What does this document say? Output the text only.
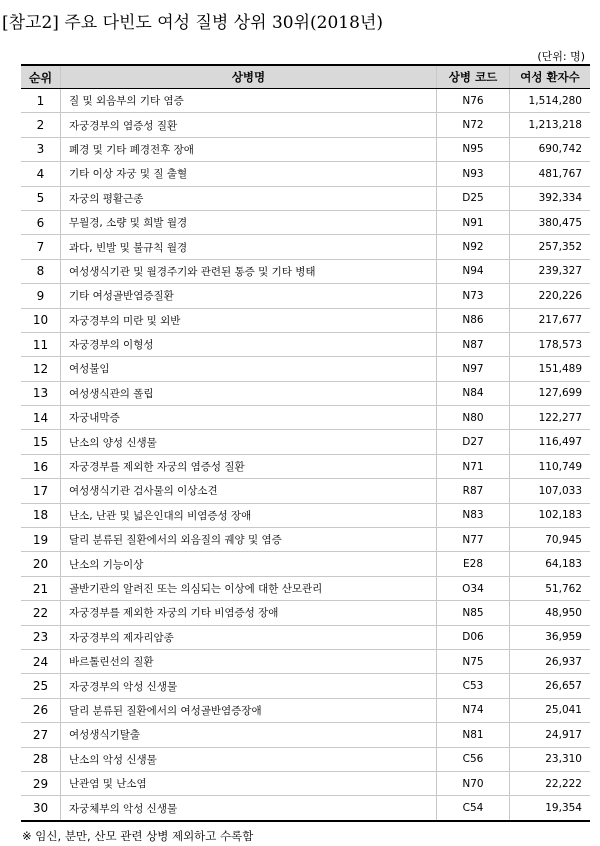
[참고2] 주요 다빈도 여성 질병 상위 30위(2018년)
(단위: 명)
순위	상병명	상병 코드	여성 환자수
1	질 및 외음부의 기타 염증	N76	1,514,280
2	자궁경부의 염증성 질환	N72	1,213,218
3	폐경 및 기타 폐경전후 장애	N95	690,742
4	기타 이상 자궁 및 질 출혈	N93	481,767
5	자궁의 평활근종	D25	392,334
6	무월경, 소량 및 희발 월경	N91	380,475
7	과다, 빈발 및 불규칙 월경	N92	257,352
8	여성생식기관 및 월경주기와 관련된 통증 및 기타 병태	N94	239,327
9	기타 여성골반염증질환	N73	220,226
10	자궁경부의 미란 및 외반	N86	217,677
11	자궁경부의 이형성	N87	178,573
12	여성불임	N97	151,489
13	여성생식관의 폴립	N84	127,699
14	자궁내막증	N80	122,277
15	난소의 양성 신생물	D27	116,497
16	자궁경부를 제외한 자궁의 염증성 질환	N71	110,749
17	여성생식기관 검사물의 이상소견	R87	107,033
18	난소, 난관 및 넓은인대의 비염증성 장애	N83	102,183
19	달리 분류된 질환에서의 외음질의 궤양 및 염증	N77	70,945
20	난소의 기능이상	E28	64,183
21	골반기관의 알려진 또는 의심되는 이상에 대한 산모관리	O34	51,762
22	자궁경부를 제외한 자궁의 기타 비염증성 장애	N85	48,950
23	자궁경부의 제자리암종	D06	36,959
24	바르톨린선의 질환	N75	26,937
25	자궁경부의 악성 신생물	C53	26,657
26	달리 분류된 질환에서의 여성골반염증장애	N74	25,041
27	여성생식기탈출	N81	24,917
28	난소의 악성 신생물	C56	23,310
29	난관염 및 난소염	N70	22,222
30	자궁체부의 악성 신생물	C54	19,354
※ 임신, 분만, 산모 관련 상병 제외하고 수록함
